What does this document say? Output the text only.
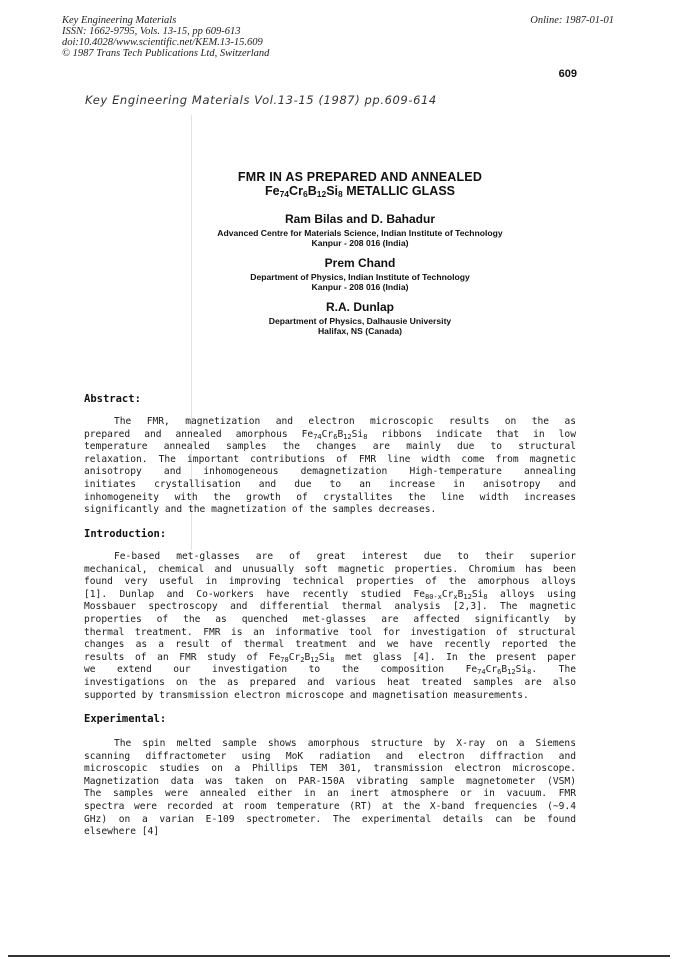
Key Engineering Materials
ISSN: 1662-9795, Vols. 13-15, pp 609-613
doi:10.4028/www.scientific.net/KEM.13-15.609
© 1987 Trans Tech Publications Ltd, Switzerland
Online: 1987-01-01
609
Key Engineering Materials Vol.13-15 (1987) pp.609-614
FMR IN AS PREPARED AND ANNEALED
$Fe_{74}Cr_6B_{12}Si_8$ METALLIC GLASS
Ram Bilas and D. Bahadur
Advanced Centre for Materials Science, Indian Institute of Technology
Kanpur - 208 016 (India)
Prem Chand
Department of Physics, Indian Institute of Technology
Kanpur - 208 016 (India)
R.A. Dunlap
Department of Physics, Dalhausie University
Halifax, NS (Canada)
Abstract:
The FMR, magnetization and electron microscopic results on the as
prepared and annealed amorphous $Fe_{74}Cr_6B_{12}Si_8$ ribbons indicate that in low
temperature annealed samples the changes are mainly due to structural
relaxation. The important contributions of FMR line width come from magnetic
anisotropy and inhomogeneous demagnetization High-temperature annealing
initiates crystallisation and due to an increase in anisotropy and
inhomogeneity with the growth of crystallites the line width increases
significantly and the magnetization of the samples decreases.
Introduction:
Fe-based met-glasses are of great interest due to their superior
mechanical, chemical and unusually soft magnetic properties. Chromium has been
found very useful in improving technical properties of the amorphous alloys
[1]. Dunlap and Co-workers have recently studied $Fe_{80-x}Cr_xB_{12}Si_8$ alloys using
Mossbauer spectroscopy and differential thermal analysis [2,3]. The magnetic
properties of the as quenched met-glasses are affected significantly by
thermal treatment. FMR is an informative tool for investigation of structural
changes as a result of thermal treatment and we have recently reported the
results of an FMR study of $Fe_{78}Cr_2B_{12}Si_8$ met glass [4]. In the present paper
we extend our investigation to the composition $Fe_{74}Cr_6B_{12}Si_8$. The
investigations on the as prepared and various heat treated samples are also
supported by transmission electron microscope and magnetisation measurements.
Experimental:
The spin melted sample shows amorphous structure by X-ray on a Siemens
scanning diffractometer using MoK radiation and electron diffraction and
microscopic studies on a Phillips TEM 301, transmission electron microscope.
Magnetization data was taken on PAR-150A vibrating sample magnetometer (VSM)
The samples were annealed either in an inert atmosphere or in vacuum. FMR
spectra were recorded at room temperature (RT) at the X-band frequencies (~9.4
GHz) on a varian E-109 spectrometer. The experimental details can be found
elsewhere [4]
